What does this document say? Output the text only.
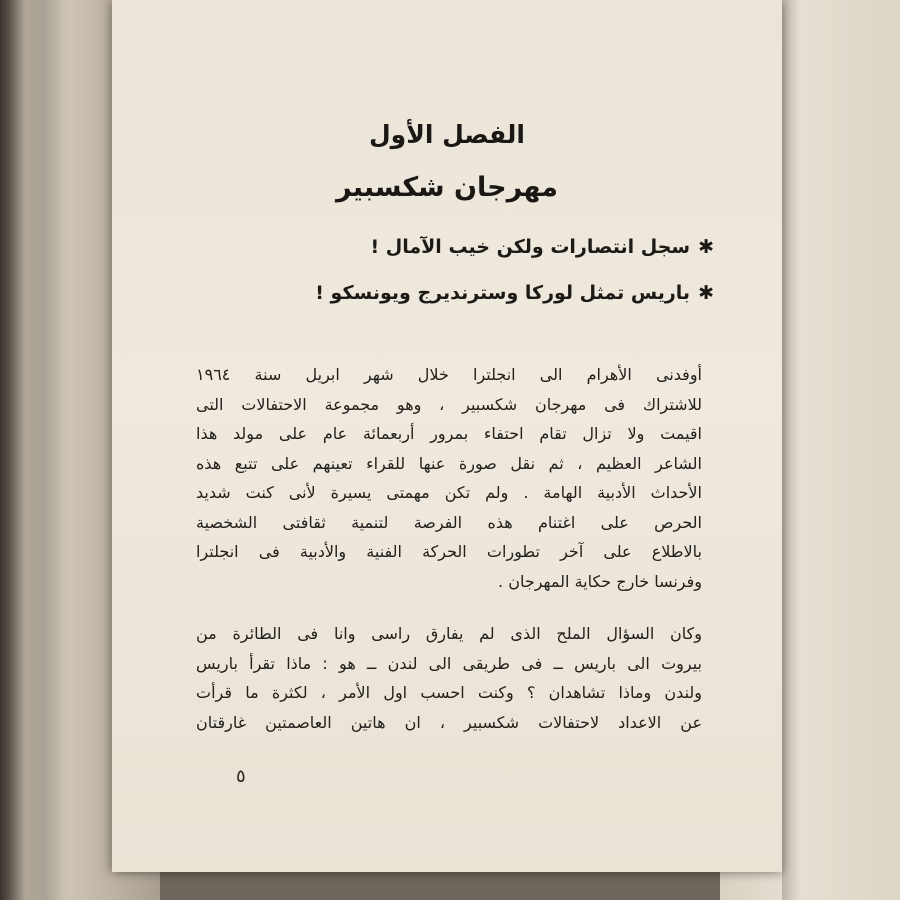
الفصل الأول
مهرجان شكسبير
✱سجل انتصارات ولكن خيب الآمال !
✱باريس تمثل لوركا وسترنديرج ويونسكو !
أوفدنى الأهرام الى انجلترا خلال شهر ابريل سنة ١٩٦٤
للاشتراك فى مهرجان شكسبير ، وهو مجموعة الاحتفالات التى
اقيمت ولا تزال تقام احتفاء بمرور أربعمائة عام على مولد هذا
الشاعر العظيم ، ثم نقل صورة عنها للقراء تعينهم على تتبع هذه
الأحداث الأدبية الهامة . ولم تكن مهمتى يسيرة لأنى كنت شديد
الحرص على اغتنام هذه الفرصة لتنمية ثقافتى الشخصية
بالاطلاع على آخر تطورات الحركة الفنية والأدبية فى انجلترا
وفرنسا خارج حكاية المهرجان .
وكان السؤال الملح الذى لم يفارق راسى وانا فى الطائرة من
بيروت الى باريس ــ فى طريقى الى لندن ــ هو : ماذا تقرأ باريس
ولندن وماذا تشاهدان ؟ وكنت احسب اول الأمر ، لكثرة ما قرأت
عن الاعداد لاحتفالات شكسبير ، ان هاتين العاصمتين غارقتان
٥
